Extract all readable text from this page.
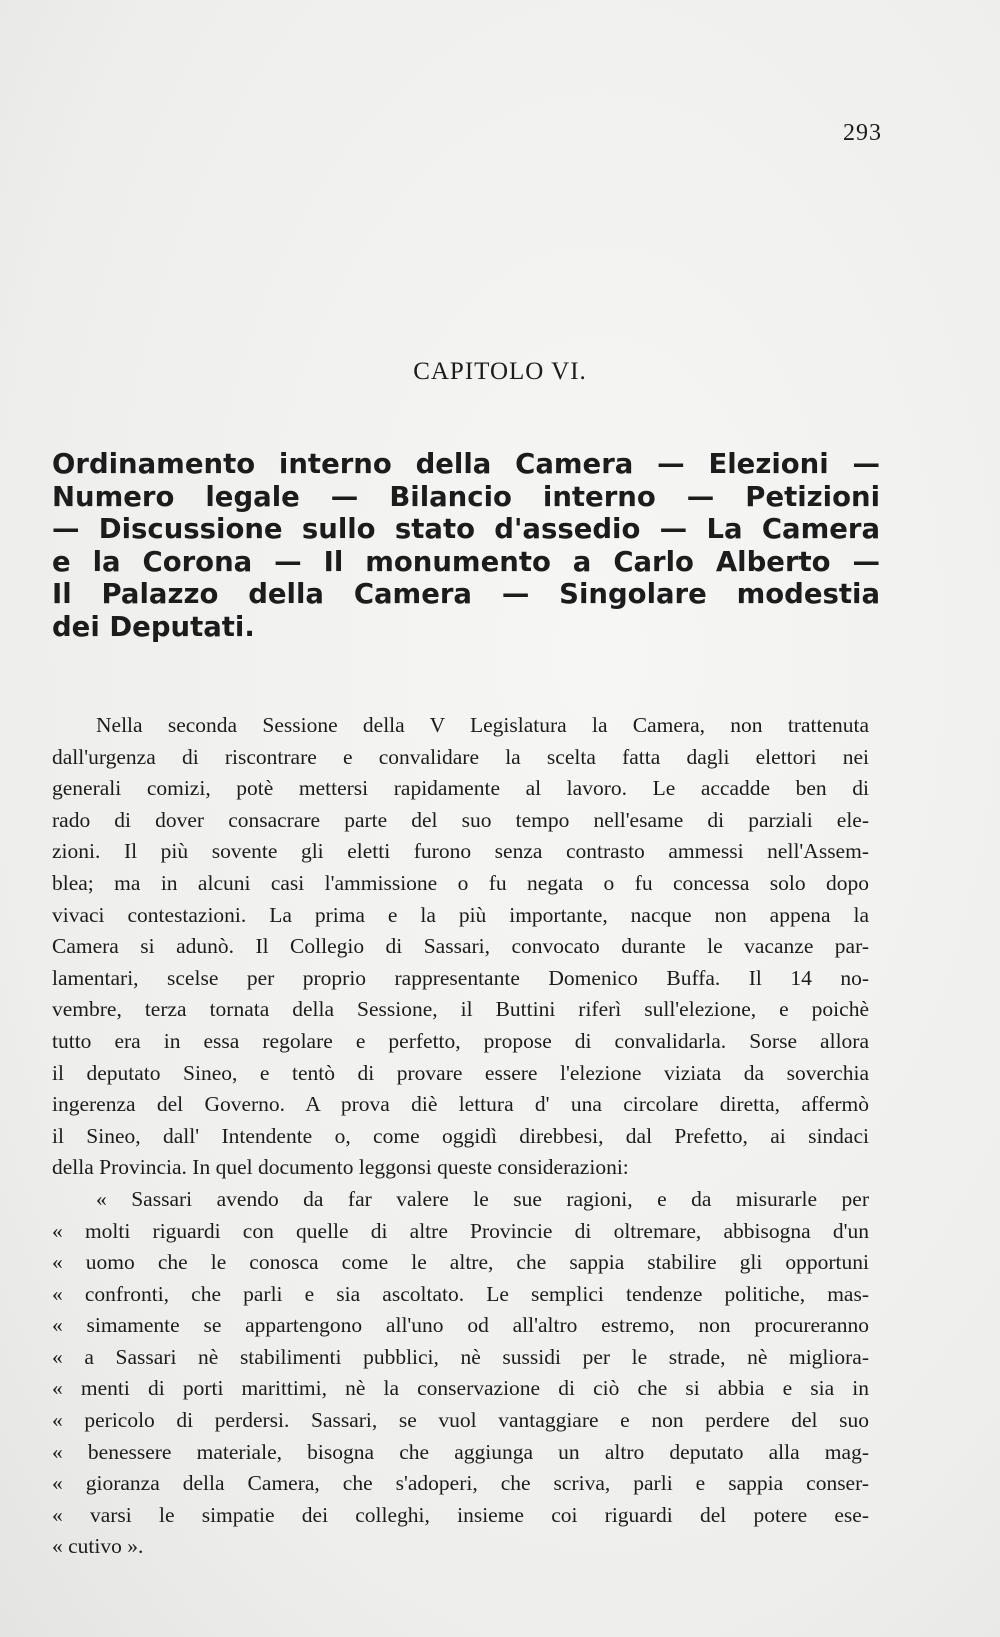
293
CAPITOLO VI.
Ordinamento interno della Camera — Elezioni —
Numero legale — Bilancio interno — Petizioni
— Discussione sullo stato d'assedio — La Camera
e la Corona — Il monumento a Carlo Alberto —
Il Palazzo della Camera — Singolare modestia
dei Deputati.
Nella seconda Sessione della V Legislatura la Camera, non trattenuta
dall'urgenza di riscontrare e convalidare la scelta fatta dagli elettori nei
generali comizi, potè mettersi rapidamente al lavoro. Le accadde ben di
rado di dover consacrare parte del suo tempo nell'esame di parziali ele-
zioni. Il più sovente gli eletti furono senza contrasto ammessi nell'Assem-
blea; ma in alcuni casi l'ammissione o fu negata o fu concessa solo dopo
vivaci contestazioni. La prima e la più importante, nacque non appena la
Camera si adunò. Il Collegio di Sassari, convocato durante le vacanze par-
lamentari, scelse per proprio rappresentante Domenico Buffa. Il 14 no-
vembre, terza tornata della Sessione, il Buttini riferì sull'elezione, e poichè
tutto era in essa regolare e perfetto, propose di convalidarla. Sorse allora
il deputato Sineo, e tentò di provare essere l'elezione viziata da soverchia
ingerenza del Governo. A prova diè lettura d' una circolare diretta, affermò
il Sineo, dall' Intendente o, come oggidì direbbesi, dal Prefetto, ai sindaci
della Provincia. In quel documento leggonsi queste considerazioni:
« Sassari avendo da far valere le sue ragioni, e da misurarle per
« molti riguardi con quelle di altre Provincie di oltremare, abbisogna d'un
« uomo che le conosca come le altre, che sappia stabilire gli opportuni
« confronti, che parli e sia ascoltato. Le semplici tendenze politiche, mas-
« simamente se appartengono all'uno od all'altro estremo, non procureranno
« a Sassari nè stabilimenti pubblici, nè sussidi per le strade, nè migliora-
« menti di porti marittimi, nè la conservazione di ciò che si abbia e sia in
« pericolo di perdersi. Sassari, se vuol vantaggiare e non perdere del suo
« benessere materiale, bisogna che aggiunga un altro deputato alla mag-
« gioranza della Camera, che s'adoperi, che scriva, parli e sappia conser-
« varsi le simpatie dei colleghi, insieme coi riguardi del potere ese-
« cutivo ».
